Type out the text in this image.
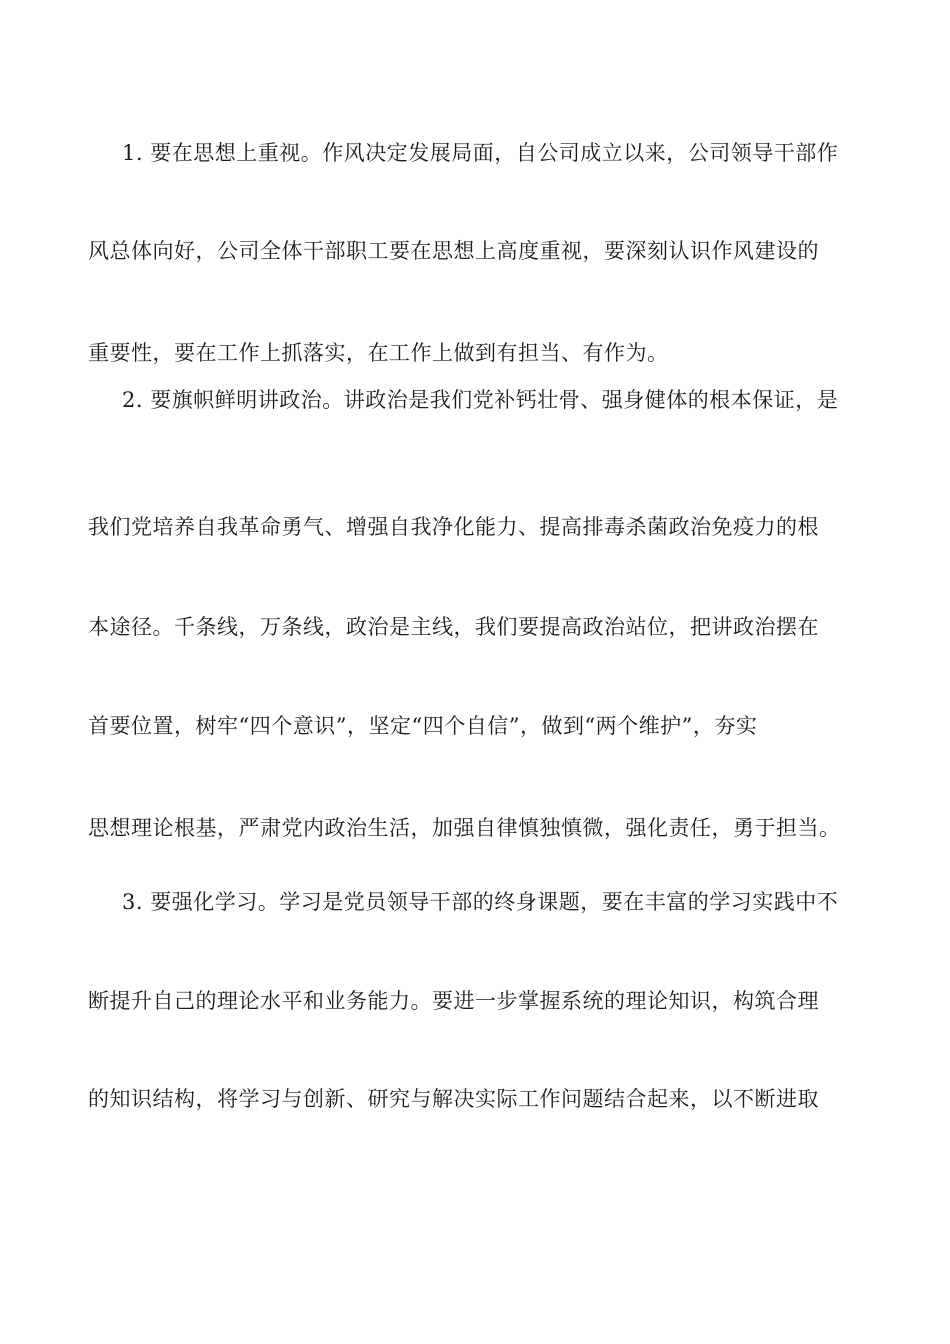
1. 要在思想上重视。作风决定发展局面，自公司成立以来，公司领导干部作
风总体向好，公司全体干部职工要在思想上高度重视，要深刻认识作风建设的
重要性，要在工作上抓落实，在工作上做到有担当、有作为。
2. 要旗帜鲜明讲政治。讲政治是我们党补钙壮骨、强身健体的根本保证，是
我们党培养自我革命勇气、增强自我净化能力、提高排毒杀菌政治免疫力的根
本途径。千条线，万条线，政治是主线，我们要提高政治站位，把讲政治摆在
首要位置，树牢“四个意识”，坚定“四个自信”，做到“两个维护”，夯实
思想理论根基，严肃党内政治生活，加强自律慎独慎微，强化责任，勇于担当。
3. 要强化学习。学习是党员领导干部的终身课题，要在丰富的学习实践中不
断提升自己的理论水平和业务能力。要进一步掌握系统的理论知识，构筑合理
的知识结构，将学习与创新、研究与解决实际工作问题结合起来，以不断进取
